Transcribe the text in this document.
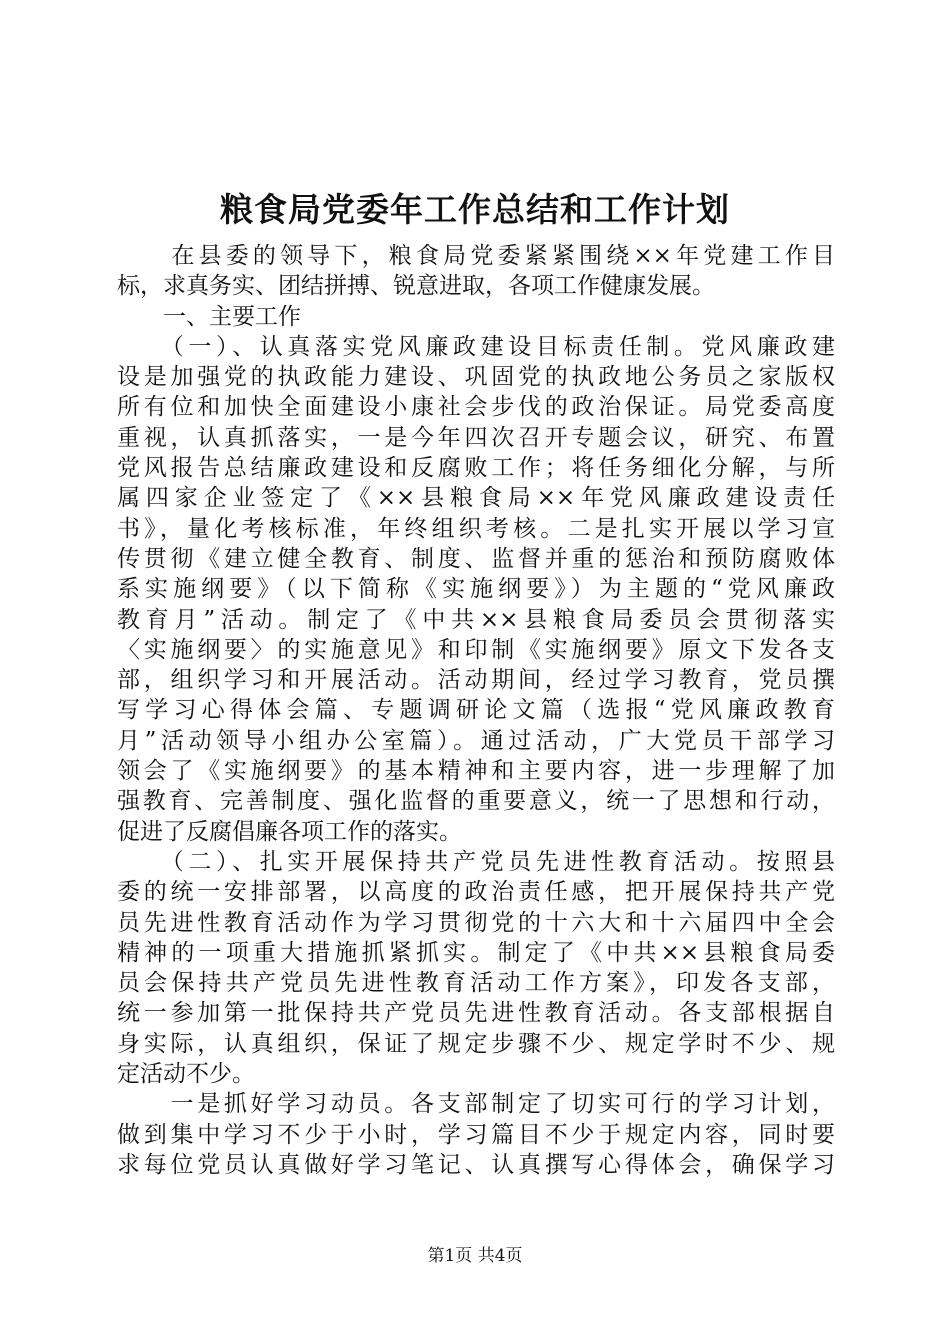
粮食局党委年工作总结和工作计划
　　在县委的领导下，粮食局党委紧紧围绕××年党建工作目
标，求真务实、团结拼搏、锐意进取，各项工作健康发展。
　　一、主要工作
　　（一）、认真落实党风廉政建设目标责任制。党风廉政建
设是加强党的执政能力建设、巩固党的执政地公务员之家版权
所有位和加快全面建设小康社会步伐的政治保证。局党委高度
重视，认真抓落实，一是今年四次召开专题会议，研究、布置
党风报告总结廉政建设和反腐败工作；将任务细化分解，与所
属四家企业签定了《××县粮食局××年党风廉政建设责任
书》，量化考核标准，年终组织考核。二是扎实开展以学习宣
传贯彻《建立健全教育、制度、监督并重的惩治和预防腐败体
系实施纲要》（以下简称《实施纲要》）为主题的“党风廉政
教育月”活动。制定了《中共××县粮食局委员会贯彻落实
〈实施纲要〉的实施意见》和印制《实施纲要》原文下发各支
部，组织学习和开展活动。活动期间，经过学习教育，党员撰
写学习心得体会篇、专题调研论文篇（选报“党风廉政教育
月”活动领导小组办公室篇）。通过活动，广大党员干部学习
领会了《实施纲要》的基本精神和主要内容，进一步理解了加
强教育、完善制度、强化监督的重要意义，统一了思想和行动，
促进了反腐倡廉各项工作的落实。
　　（二）、扎实开展保持共产党员先进性教育活动。按照县
委的统一安排部署，以高度的政治责任感，把开展保持共产党
员先进性教育活动作为学习贯彻党的十六大和十六届四中全会
精神的一项重大措施抓紧抓实。制定了《中共××县粮食局委
员会保持共产党员先进性教育活动工作方案》，印发各支部，
统一参加第一批保持共产党员先进性教育活动。各支部根据自
身实际，认真组织，保证了规定步骤不少、规定学时不少、规
定活动不少。
　　一是抓好学习动员。各支部制定了切实可行的学习计划，
做到集中学习不少于小时，学习篇目不少于规定内容，同时要
求每位党员认真做好学习笔记、认真撰写心得体会，确保学习
第1页 共4页
